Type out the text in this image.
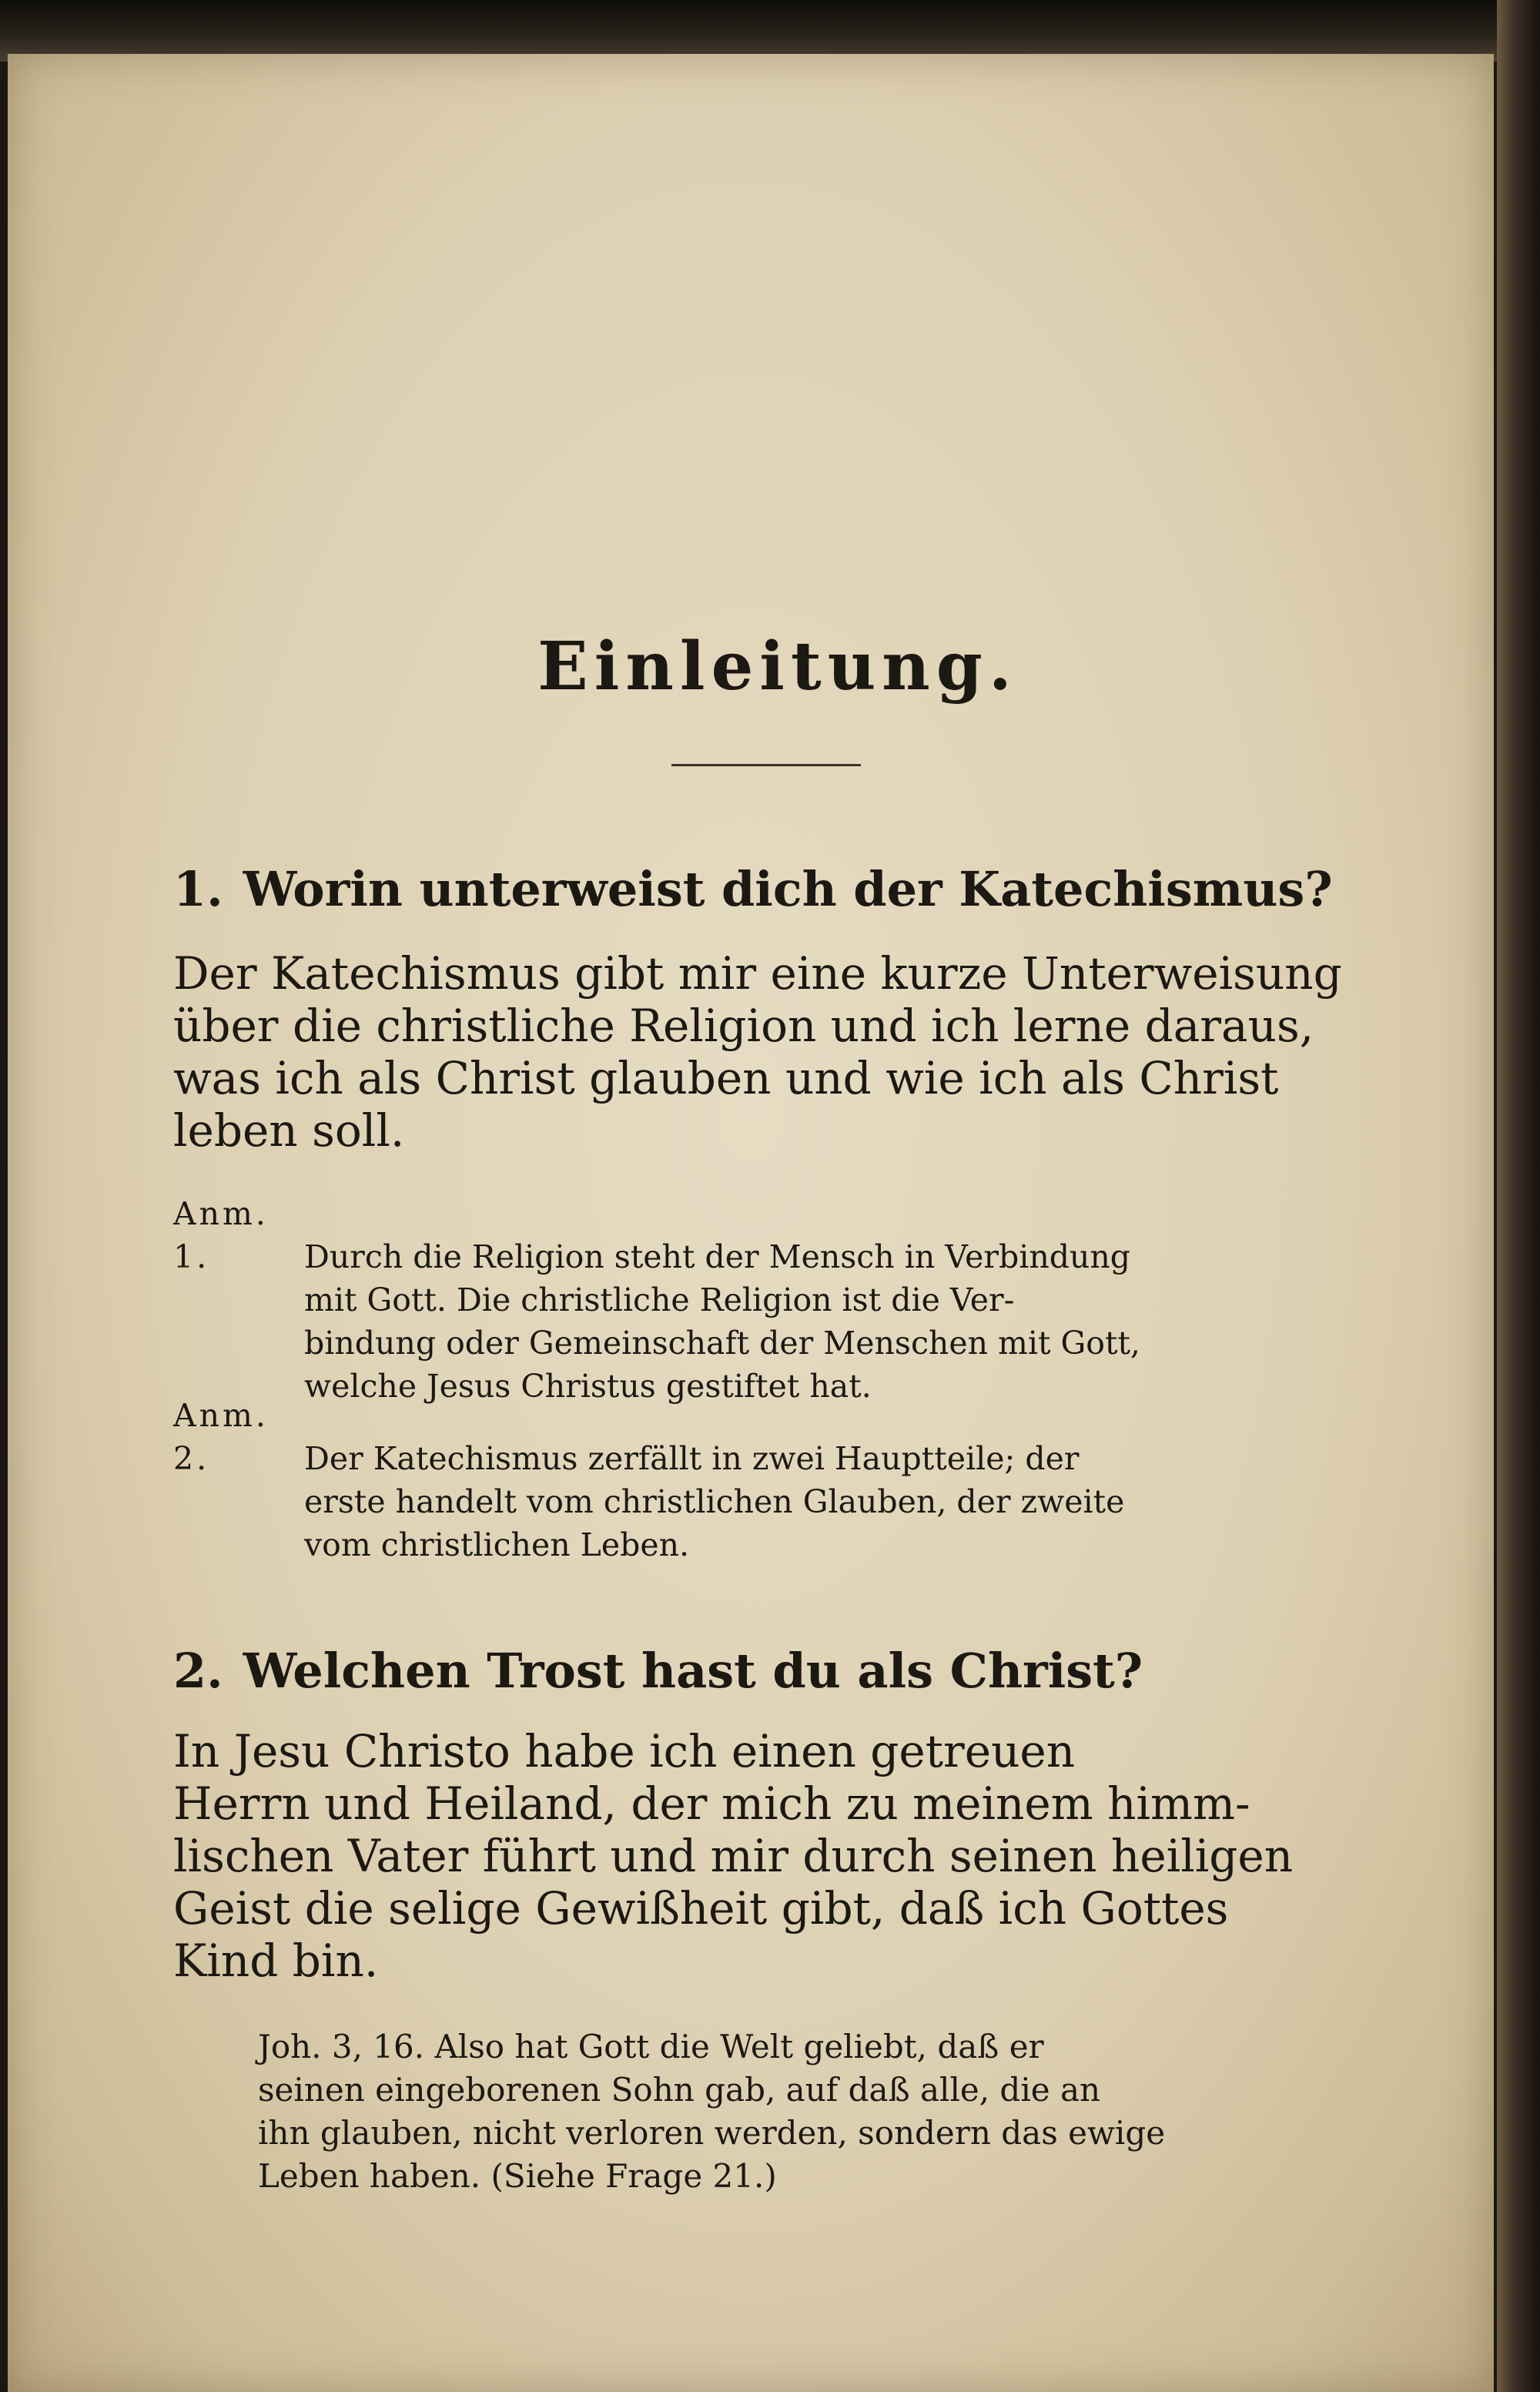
Einleitung.
1. Worin unterweist dich der Katechismus?

Der Katechismus gibt mir eine kurze Unterweisung

über die christliche Religion und ich lerne daraus,

was ich als Christ glauben und wie ich als Christ

leben soll.

Anm. 1.	Durch die Religion steht der Mensch in Verbindung
mit Gott. Die christliche Religion ist die Ver-
bindung oder Gemeinschaft der Menschen mit Gott,
welche Jesus Christus gestiftet hat.
Anm. 2.	Der Katechismus zerfällt in zwei Hauptteile; der
erste handelt vom christlichen Glauben, der zweite
vom christlichen Leben.
2. Welchen Trost hast du als Christ?

In Jesu Christo habe ich einen getreuen

Herrn und Heiland, der mich zu meinem himm-

lischen Vater führt und mir durch seinen heiligen

Geist die selige Gewißheit gibt, daß ich Gottes

Kind bin.

Joh. 3, 16. Also hat Gott die Welt geliebt, daß er
seinen eingeborenen Sohn gab, auf daß alle, die an
ihn glauben, nicht verloren werden, sondern das ewige
Leben haben. (Siehe Frage 21.)
